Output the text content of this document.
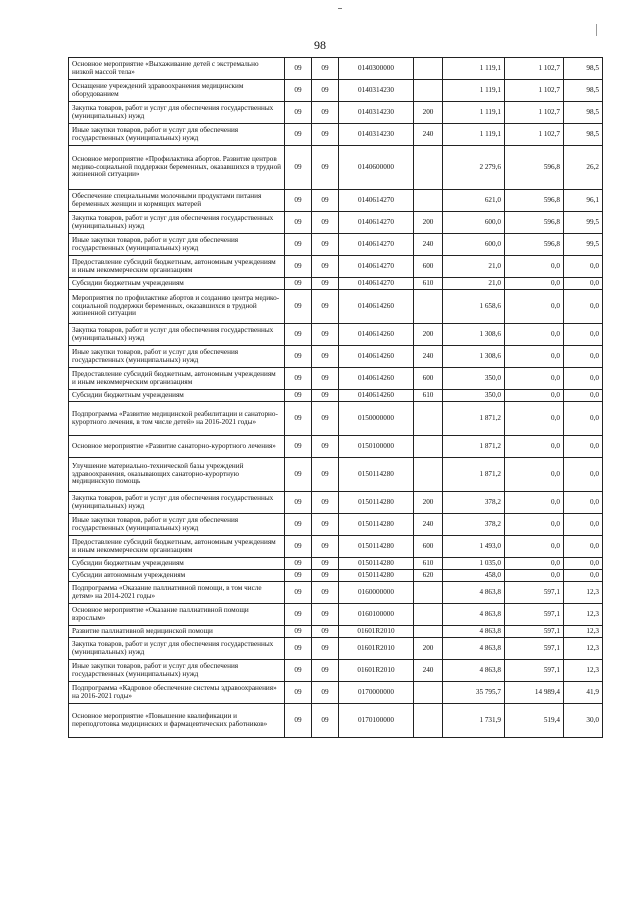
98
Основное мероприятие «Выхаживание детей с экстремально низкой массой тела»	09	09	0140300000		1 119,1	1 102,7	98,5
Оснащение учреждений здравоохранения медицинским оборудованием	09	09	0140314230		1 119,1	1 102,7	98,5
Закупка товаров, работ и услуг для обеспечения государственных (муниципальных) нужд	09	09	0140314230	200	1 119,1	1 102,7	98,5
Иные закупки товаров, работ и услуг для обеспечения государственных (муниципальных) нужд	09	09	0140314230	240	1 119,1	1 102,7	98,5
Основное мероприятие «Профилактика абортов. Развитие центров медико-социальной поддержки беременных, оказавшихся в трудной жизненной ситуации»	09	09	0140600000		2 279,6	596,8	26,2
Обеспечение специальными молочными продуктами питания беременных женщин и кормящих матерей	09	09	0140614270		621,0	596,8	96,1
Закупка товаров, работ и услуг для обеспечения государственных (муниципальных) нужд	09	09	0140614270	200	600,0	596,8	99,5
Иные закупки товаров, работ и услуг для обеспечения государственных (муниципальных) нужд	09	09	0140614270	240	600,0	596,8	99,5
Предоставление субсидий бюджетным, автономным учреждениям и иным некоммерческим организациям	09	09	0140614270	600	21,0	0,0	0,0
Субсидии бюджетным учреждениям	09	09	0140614270	610	21,0	0,0	0,0
Мероприятия по профилактике абортов и созданию центра медико-социальной поддержки беременных, оказавшихся в трудной жизненной ситуации	09	09	0140614260		1 658,6	0,0	0,0
Закупка товаров, работ и услуг для обеспечения государственных (муниципальных) нужд	09	09	0140614260	200	1 308,6	0,0	0,0
Иные закупки товаров, работ и услуг для обеспечения государственных (муниципальных) нужд	09	09	0140614260	240	1 308,6	0,0	0,0
Предоставление субсидий бюджетным, автономным учреждениям и иным некоммерческим организациям	09	09	0140614260	600	350,0	0,0	0,0
Субсидии бюджетным учреждениям	09	09	0140614260	610	350,0	0,0	0,0
Подпрограмма «Развитие медицинской реабилитации и санаторно-курортного лечения, в том числе детей» на 2016-2021 годы»	09	09	0150000000		1 871,2	0,0	0,0
Основное мероприятие «Развитие санаторно-курортного лечения»	09	09	0150100000		1 871,2	0,0	0,0
Улучшение материально-технической базы учреждений здравоохранения, оказывающих санаторно-курортную медицинскую помощь	09	09	0150114280		1 871,2	0,0	0,0
Закупка товаров, работ и услуг для обеспечения государственных (муниципальных) нужд	09	09	0150114280	200	378,2	0,0	0,0
Иные закупки товаров, работ и услуг для обеспечения государственных (муниципальных) нужд	09	09	0150114280	240	378,2	0,0	0,0
Предоставление субсидий бюджетным, автономным учреждениям и иным некоммерческим организациям	09	09	0150114280	600	1 493,0	0,0	0,0
Субсидии бюджетным учреждениям	09	09	0150114280	610	1 035,0	0,0	0,0
Субсидии автономным учреждениям	09	09	0150114280	620	458,0	0,0	0,0
Подпрограмма «Оказание паллиативной помощи, в том числе детям» на 2014-2021 годы»	09	09	0160000000		4 863,8	597,1	12,3
Основное мероприятие «Оказание паллиативной помощи взрослым»	09	09	0160100000		4 863,8	597,1	12,3
Развитие паллиативной медицинской помощи	09	09	01601R2010		4 863,8	597,1	12,3
Закупка товаров, работ и услуг для обеспечения государственных (муниципальных) нужд	09	09	01601R2010	200	4 863,8	597,1	12,3
Иные закупки товаров, работ и услуг для обеспечения государственных (муниципальных) нужд	09	09	01601R2010	240	4 863,8	597,1	12,3
Подпрограмма «Кадровое обеспечение системы здравоохранения» на 2016-2021 годы»	09	09	0170000000		35 795,7	14 989,4	41,9
Основное мероприятие «Повышение квалификации и переподготовка медицинских и фармацевтических работников»	09	09	0170100000		1 731,9	519,4	30,0
